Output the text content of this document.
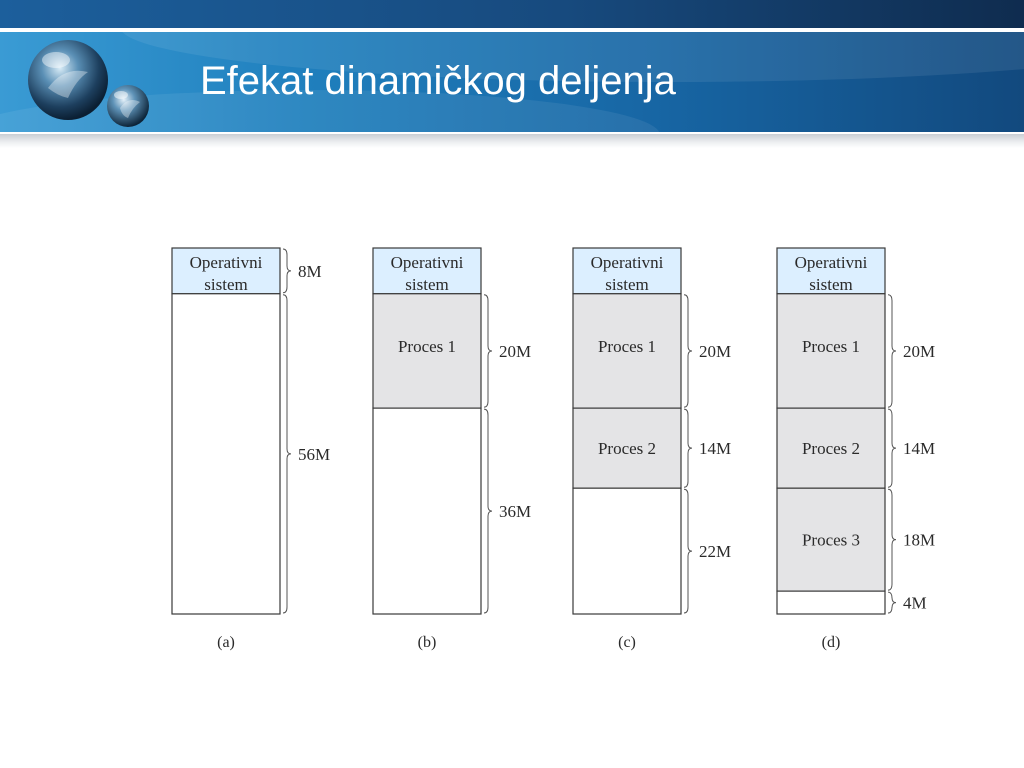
Efekat dinamičkog deljenja
Operativni
sistem
8M
56M
(a)
Operativni
sistem
Proces 1	20M
36M
(b)
Operativni
sistem
Proces 1	20M
Proces 2	14M
22M
(c)
Operativni
sistem
Proces 1	20M
Proces 2	14M
Proces 3	18M
4M
(d)
